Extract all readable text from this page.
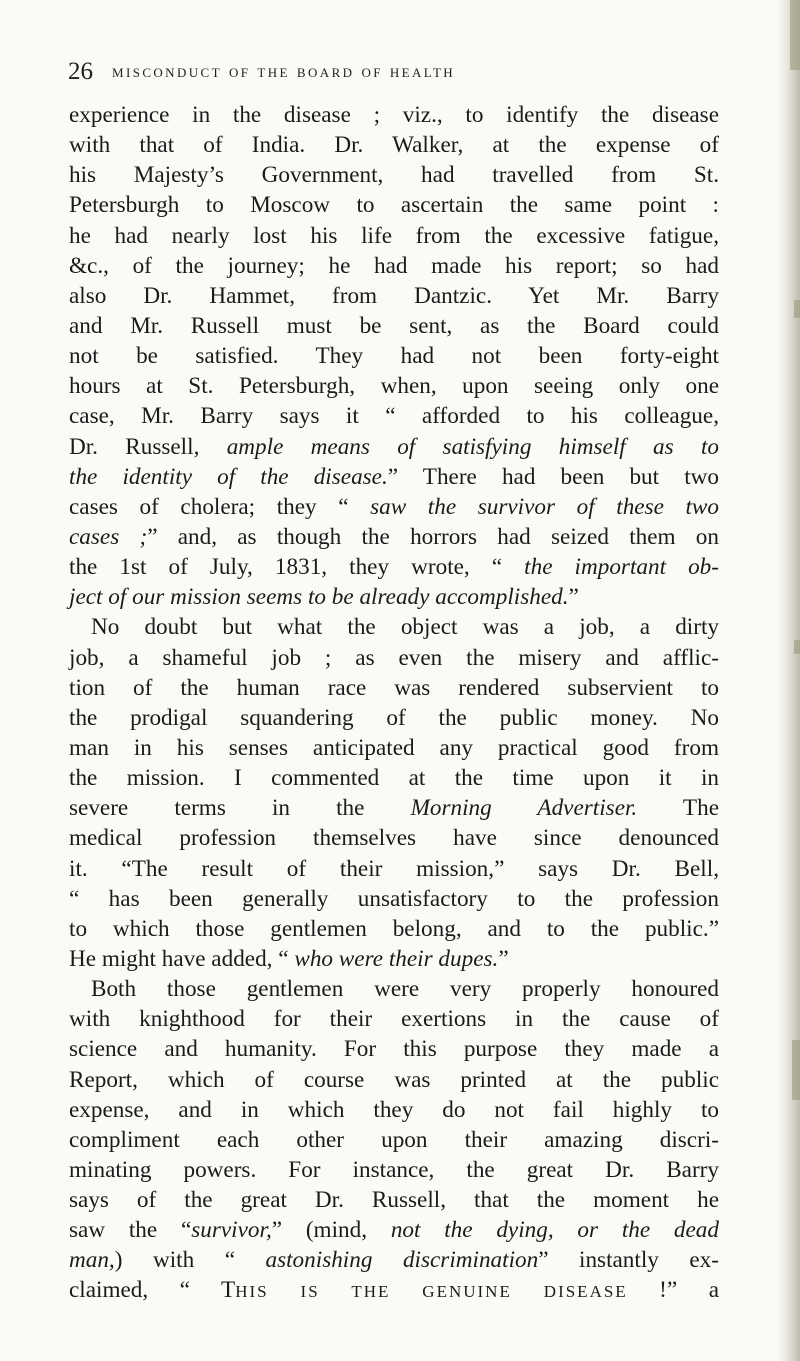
26 misconduct of the board of health
experience in the disease ; viz., to identify the disease
with that of India. Dr. Walker, at the expense of
his Majesty’s Government, had travelled from St.
Petersburgh to Moscow to ascertain the same point :
he had nearly lost his life from the excessive fatigue,
&c., of the journey; he had made his report; so had
also Dr. Hammet, from Dantzic. Yet Mr. Barry
and Mr. Russell must be sent, as the Board could
not be satisfied. They had not been forty-eight
hours at St. Petersburgh, when, upon seeing only one
case, Mr. Barry says it “ afforded to his colleague,
Dr. Russell, ample means of satisfying himself as to
the identity of the disease.” There had been but two
cases of cholera; they “ saw the survivor of these two
cases ;” and, as though the horrors had seized them on
the 1st of July, 1831, they wrote, “ the important ob-
ject of our mission seems to be already accomplished.”
No doubt but what the object was a job, a dirty
job, a shameful job ; as even the misery and afflic-
tion of the human race was rendered subservient to
the prodigal squandering of the public money. No
man in his senses anticipated any practical good from
the mission. I commented at the time upon it in
severe terms in the Morning Advertiser. The
medical profession themselves have since denounced
it. “The result of their mission,” says Dr. Bell,
“ has been generally unsatisfactory to the profession
to which those gentlemen belong, and to the public.”
He might have added, “ who were their dupes.”
Both those gentlemen were very properly honoured
with knighthood for their exertions in the cause of
science and humanity. For this purpose they made a
Report, which of course was printed at the public
expense, and in which they do not fail highly to
compliment each other upon their amazing discri-
minating powers. For instance, the great Dr. Barry
says of the great Dr. Russell, that the moment he
saw the “survivor,” (mind, not the dying, or the dead
man,) with “ astonishing discrimination” instantly ex-
claimed, “ THIS IS THE GENUINE DISEASE !” a
